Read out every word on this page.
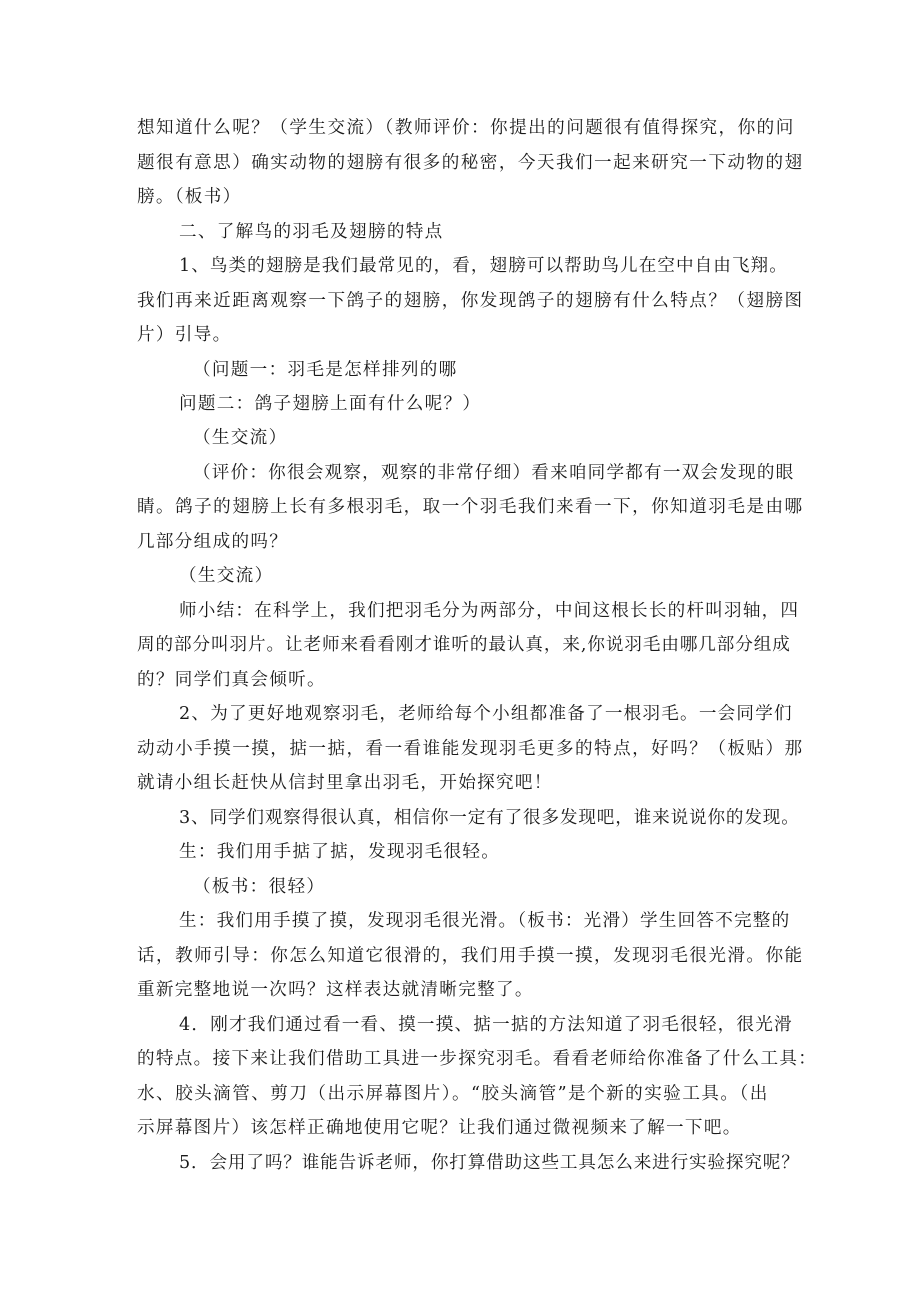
想知道什么呢？（学生交流）（教师评价：你提出的问题很有值得探究，你的问
题很有意思）确实动物的翅膀有很多的秘密，今天我们一起来研究一下动物的翅
膀。（板书）
二、了解鸟的羽毛及翅膀的特点
1、鸟类的翅膀是我们最常见的，看，翅膀可以帮助鸟儿在空中自由飞翔。
我们再来近距离观察一下鸽子的翅膀，你发现鸽子的翅膀有什么特点？（翅膀图
片）引导。
（问题一：羽毛是怎样排列的哪
问题二：鸽子翅膀上面有什么呢？）
（生交流）
（评价：你很会观察，观察的非常仔细）看来咱同学都有一双会发现的眼
睛。鸽子的翅膀上长有多根羽毛，取一个羽毛我们来看一下，你知道羽毛是由哪
几部分组成的吗？
（生交流）
师小结：在科学上，我们把羽毛分为两部分，中间这根长长的杆叫羽轴，四
周的部分叫羽片。让老师来看看刚才谁听的最认真，来,你说羽毛由哪几部分组成
的？同学们真会倾听。
2、为了更好地观察羽毛，老师给每个小组都准备了一根羽毛。一会同学们
动动小手摸一摸，掂一掂，看一看谁能发现羽毛更多的特点，好吗？（板贴）那
就请小组长赶快从信封里拿出羽毛，开始探究吧！
3、同学们观察得很认真，相信你一定有了很多发现吧，谁来说说你的发现。
生：我们用手掂了掂，发现羽毛很轻。
（板书：很轻）
生：我们用手摸了摸，发现羽毛很光滑。（板书：光滑）学生回答不完整的
话，教师引导：你怎么知道它很滑的，我们用手摸一摸，发现羽毛很光滑。你能
重新完整地说一次吗？这样表达就清晰完整了。
4．刚才我们通过看一看、摸一摸、掂一掂的方法知道了羽毛很轻，很光滑
的特点。接下来让我们借助工具进一步探究羽毛。看看老师给你准备了什么工具：
水、胶头滴管、剪刀（出示屏幕图片）。“胶头滴管”是个新的实验工具。（出
示屏幕图片）该怎样正确地使用它呢？让我们通过微视频来了解一下吧。
5．会用了吗？谁能告诉老师，你打算借助这些工具怎么来进行实验探究呢？
